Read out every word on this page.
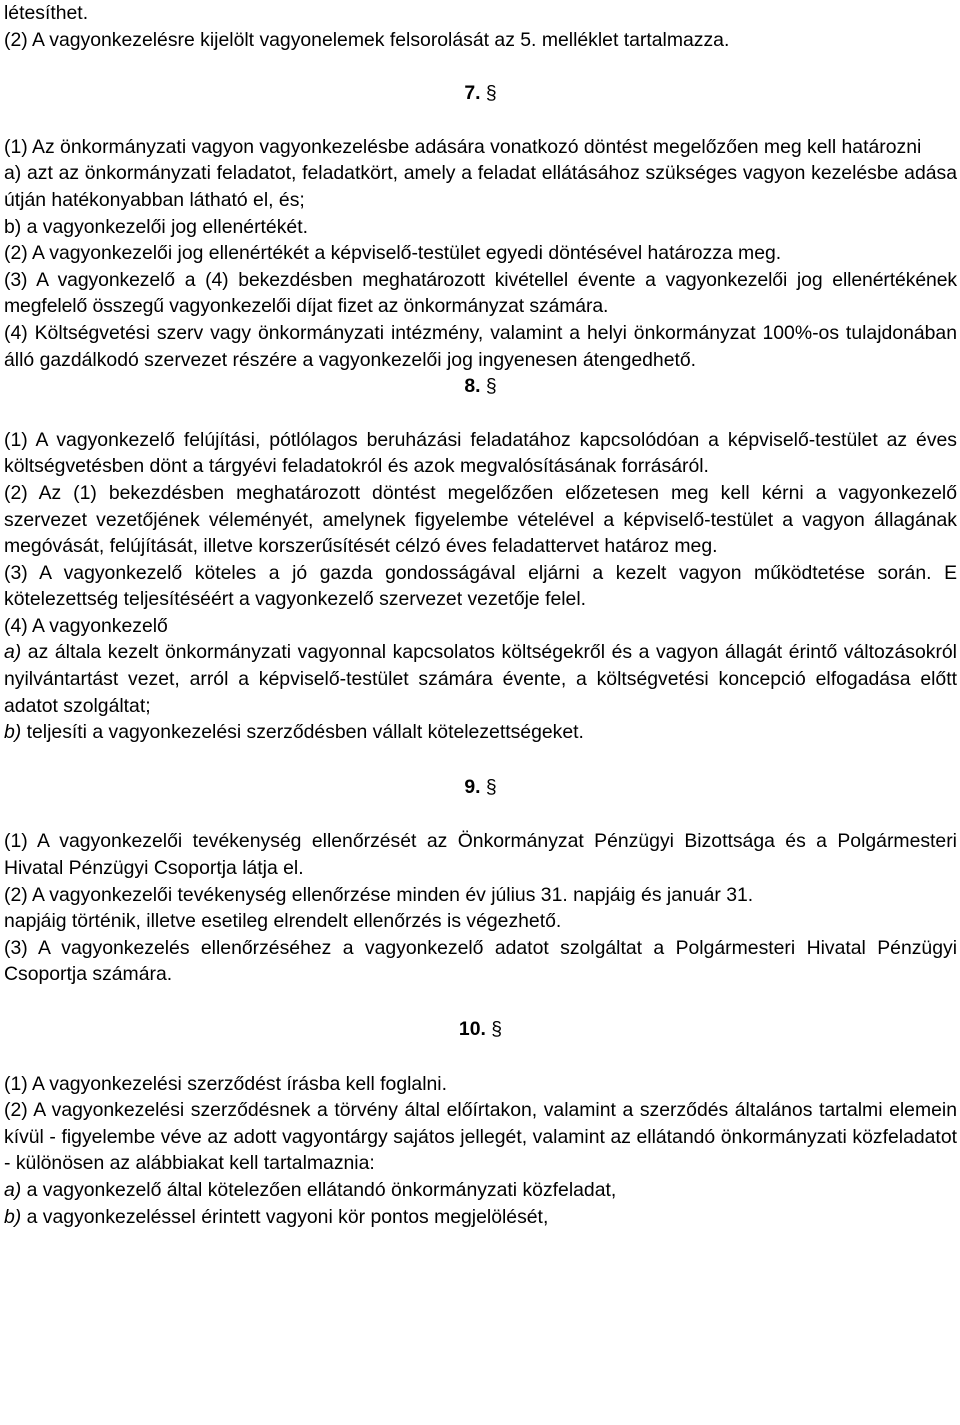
létesíthet.

(2) A vagyonkezelésre kijelölt vagyonelemek felsorolását az 5. melléklet tartalmazza.

7. §

(1) Az önkormányzati vagyon vagyonkezelésbe adására vonatkozó döntést megelőzően meg kell határozni

a) azt az önkormányzati feladatot, feladatkört, amely a feladat ellátásához szükséges vagyon kezelésbe adása útján hatékonyabban látható el, és;

b) a vagyonkezelői jog ellenértékét.

(2) A vagyonkezelői jog ellenértékét a képviselő-testület egyedi döntésével határozza meg.

(3) A vagyonkezelő a (4) bekezdésben meghatározott kivétellel évente a vagyonkezelői jog ellenértékének megfelelő összegű vagyonkezelői díjat fizet az önkormányzat számára.

(4) Költségvetési szerv vagy önkormányzati intézmény, valamint a helyi önkormányzat 100%-os tulajdonában álló gazdálkodó szervezet részére a vagyonkezelői jog ingyenesen átengedhető.

8. §

(1) A vagyonkezelő felújítási, pótlólagos beruházási feladatához kapcsolódóan a képviselő-testület az éves költségvetésben dönt a tárgyévi feladatokról és azok megvalósításának forrásáról.

(2) Az (1) bekezdésben meghatározott döntést megelőzően előzetesen meg kell kérni a vagyonkezelő szervezet vezetőjének véleményét, amelynek figyelembe vételével a képviselő-testület a vagyon állagának megóvását, felújítását, illetve korszerűsítését célzó éves feladattervet határoz meg.

(3) A vagyonkezelő köteles a jó gazda gondosságával eljárni a kezelt vagyon működtetése során. E kötelezettség teljesítéséért a vagyonkezelő szervezet vezetője felel.

(4) A vagyonkezelő

a) az általa kezelt önkormányzati vagyonnal kapcsolatos költségekről és a vagyon állagát érintő változásokról nyilvántartást vezet, arról a képviselő-testület számára évente, a költségvetési koncepció elfogadása előtt adatot szolgáltat;

b) teljesíti a vagyonkezelési szerződésben vállalt kötelezettségeket.

9. §

(1) A vagyonkezelői tevékenység ellenőrzését az Önkormányzat Pénzügyi Bizottsága és a Polgármesteri Hivatal Pénzügyi Csoportja látja el.

(2) A vagyonkezelői tevékenység ellenőrzése minden év július 31. napjáig és január 31.

napjáig történik, illetve esetileg elrendelt ellenőrzés is végezhető.

(3) A vagyonkezelés ellenőrzéséhez a vagyonkezelő adatot szolgáltat a Polgármesteri Hivatal Pénzügyi Csoportja számára.

10. §

(1) A vagyonkezelési szerződést írásba kell foglalni.

(2) A vagyonkezelési szerződésnek a törvény által előírtakon, valamint a szerződés általános tartalmi elemein kívül - figyelembe véve az adott vagyontárgy sajátos jellegét, valamint az ellátandó önkormányzati közfeladatot - különösen az alábbiakat kell tartalmaznia:

a) a vagyonkezelő által kötelezően ellátandó önkormányzati közfeladat,

b) a vagyonkezeléssel érintett vagyoni kör pontos megjelölését,
